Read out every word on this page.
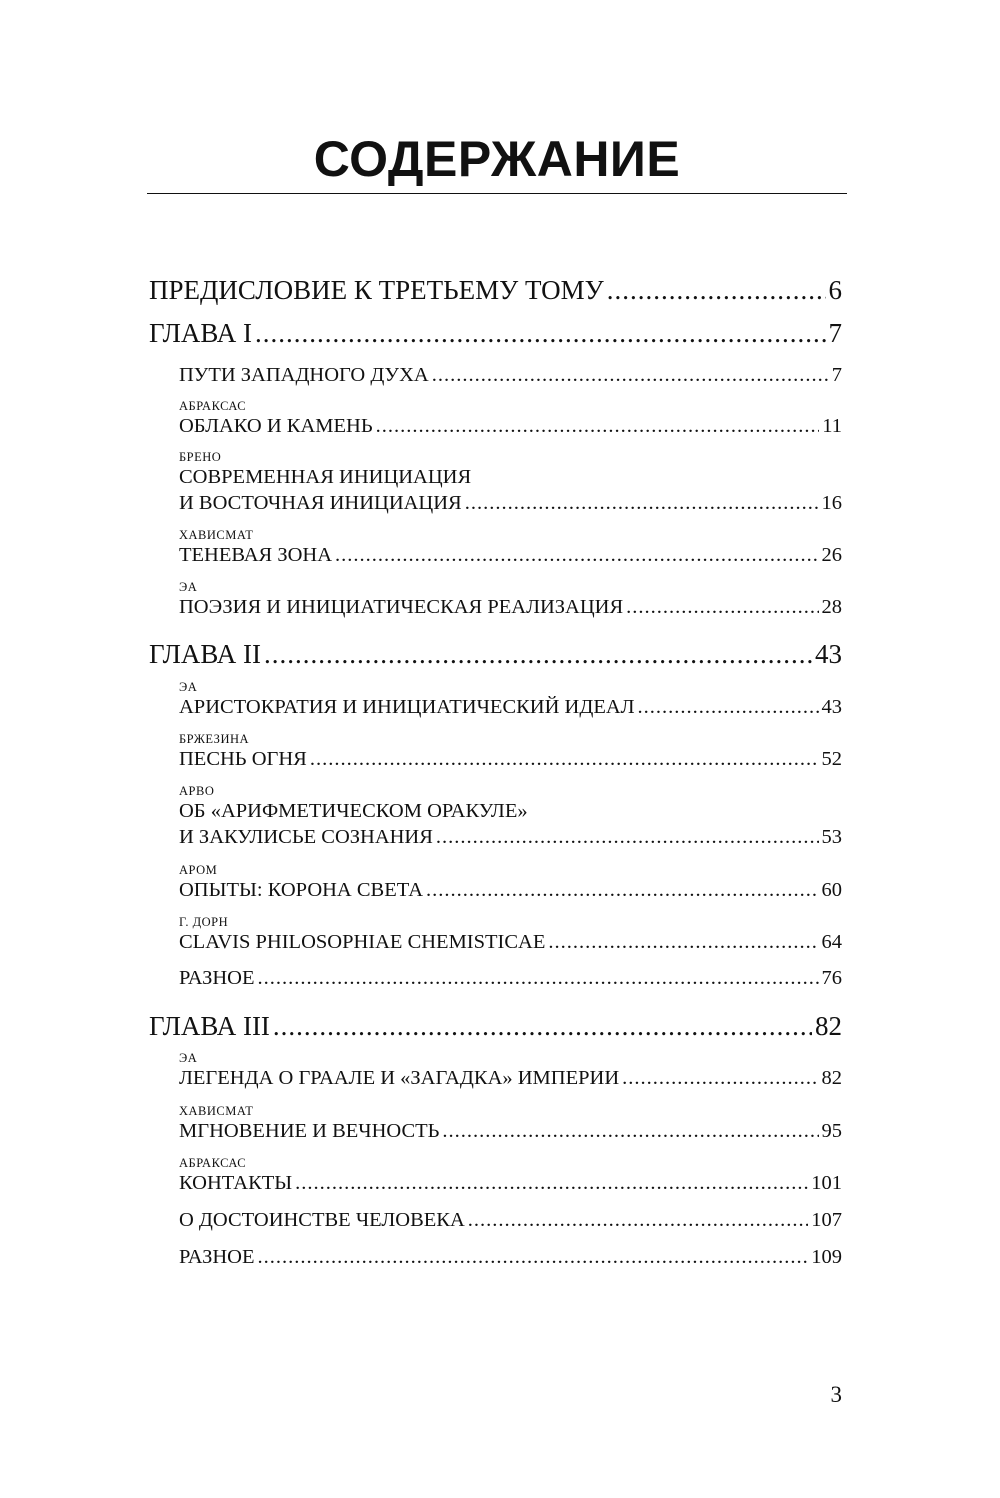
СОДЕРЖАНИЕ
ПРЕДИСЛОВИЕ К ТРЕТЬЕМУ ТОМУ .....	6
ГЛАВА I .....	7
ПУТИ ЗАПАДНОГО ДУХА .....	7
АБРАКСАС
ОБЛАКО И КАМЕНЬ .....	11
БРЕНО
СОВРЕМЕННАЯ ИНИЦИАЦИЯ
И ВОСТОЧНАЯ ИНИЦИАЦИЯ .....	16
ХАВИСМАТ
ТЕНЕВАЯ ЗОНА .....	26
ЭА
ПОЭЗИЯ И ИНИЦИАТИЧЕСКАЯ РЕАЛИЗАЦИЯ .....	28
ГЛАВА II .....	43
ЭА
АРИСТОКРАТИЯ И ИНИЦИАТИЧЕСКИЙ ИДЕАЛ .....	43
БРЖЕЗИНА
ПЕСНЬ ОГНЯ .....	52
АРВО
ОБ «АРИФМЕТИЧЕСКОМ ОРАКУЛЕ»
И ЗАКУЛИСЬЕ СОЗНАНИЯ .....	53
АРОМ
ОПЫТЫ: КОРОНА СВЕТА .....	60
Г. ДОРН
CLAVIS PHILOSOPHIAE CHEMISTICAE .....	64
РАЗНОЕ .....	76
ГЛАВА III .....	82
ЭА
ЛЕГЕНДА О ГРААЛЕ И «ЗАГАДКА» ИМПЕРИИ .....	82
ХАВИСМАТ
МГНОВЕНИЕ И ВЕЧНОСТЬ .....	95
АБРАКСАС
КОНТАКТЫ .....	101
О ДОСТОИНСТВЕ ЧЕЛОВЕКА .....	107
РАЗНОЕ .....	109
3
